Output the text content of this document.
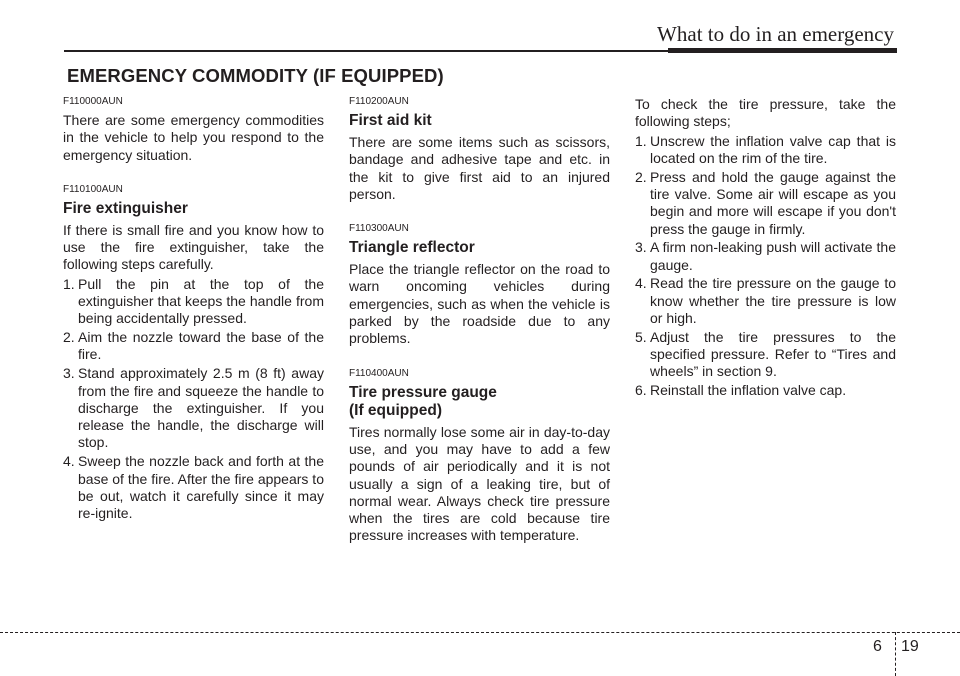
What to do in an emergency
EMERGENCY COMMODITY (IF EQUIPPED)

F110000AUN

There are some emergency commodities in the vehicle to help you respond to the emergency situation.

F110100AUN

Fire extinguisher

If there is small fire and you know how to use the fire extinguisher, take the following steps carefully.

1. Pull the pin at the top of the extinguisher that keeps the handle from being accidentally pressed.
2. Aim the nozzle toward the base of the fire.
3. Stand approximately 2.5 m (8 ft) away from the fire and squeeze the handle to discharge the extinguisher. If you release the handle, the discharge will stop.
4. Sweep the nozzle back and forth at the base of the fire. After the fire appears to be out, watch it carefully since it may re-ignite.

F110200AUN

First aid kit

There are some items such as scissors, bandage and adhesive tape and etc. in the kit to give first aid to an injured person.

F110300AUN

Triangle reflector

Place the triangle reflector on the road to warn oncoming vehicles during emergencies, such as when the vehicle is parked by the roadside due to any problems.

F110400AUN

Tire pressure gauge

(If equipped)

Tires normally lose some air in day-to-day use, and you may have to add a few pounds of air periodically and it is not usually a sign of a leaking tire, but of normal wear. Always check tire pressure when the tires are cold because tire pressure increases with temperature.

To check the tire pressure, take the following steps;

1. Unscrew the inflation valve cap that is located on the rim of the tire.
2. Press and hold the gauge against the tire valve. Some air will escape as you begin and more will escape if you don't press the gauge in firmly.
3. A firm non-leaking push will activate the gauge.
4. Read the tire pressure on the gauge to know whether the tire pressure is low or high.
5. Adjust the tire pressures to the specified pressure. Refer to “Tires and wheels” in section 9.
6. Reinstall the inflation valve cap.
6 19
